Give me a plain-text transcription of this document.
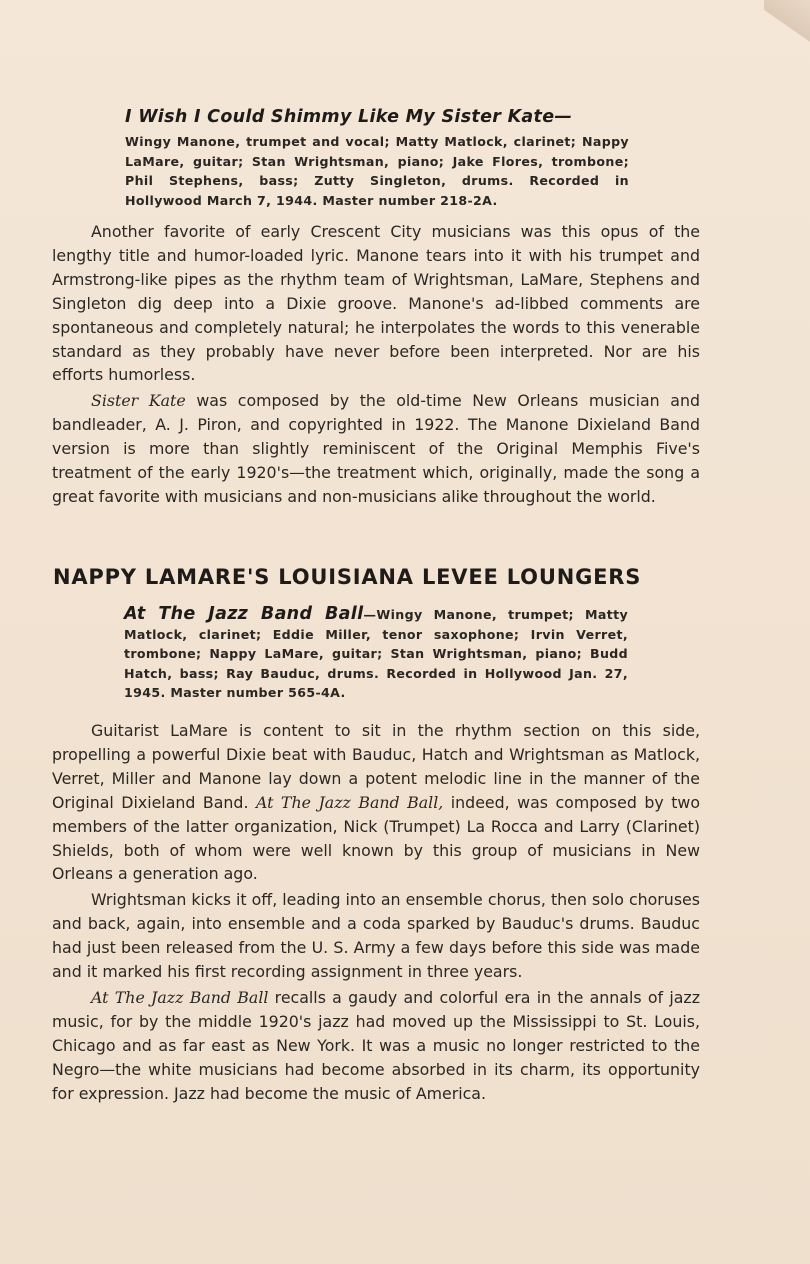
I Wish I Could Shimmy Like My Sister Kate—
Wingy Manone, trumpet and vocal; Matty Matlock, clarinet; Nappy LaMare, guitar; Stan Wrightsman, piano; Jake Flores, trombone; Phil Stephens, bass; Zutty Singleton, drums. Recorded in Hollywood March 7, 1944. Master number 218-2A.

Another favorite of early Crescent City musicians was this opus of the lengthy title and humor-loaded lyric. Manone tears into it with his trumpet and Armstrong-like pipes as the rhythm team of Wrightsman, LaMare, Stephens and Singleton dig deep into a Dixie groove. Manone's ad-libbed comments are spontaneous and completely natural; he interpolates the words to this venerable standard as they probably have never before been interpreted. Nor are his efforts humorless.

Sister Kate was composed by the old-time New Orleans musician and bandleader, A. J. Piron, and copyrighted in 1922. The Manone Dixieland Band version is more than slightly reminiscent of the Original Memphis Five's treatment of the early 1920's—the treatment which, originally, made the song a great favorite with musicians and non-musicians alike throughout the world.

NAPPY LAMARE'S LOUISIANA LEVEE LOUNGERS
At The Jazz Band Ball—Wingy Manone, trumpet; Matty Matlock, clarinet; Eddie Miller, tenor saxophone; Irvin Verret, trombone; Nappy LaMare, guitar; Stan Wrightsman, piano; Budd Hatch, bass; Ray Bauduc, drums. Recorded in Hollywood Jan. 27, 1945. Master number 565-4A.

Guitarist LaMare is content to sit in the rhythm section on this side, propelling a powerful Dixie beat with Bauduc, Hatch and Wrightsman as Matlock, Verret, Miller and Manone lay down a potent melodic line in the manner of the Original Dixieland Band. At The Jazz Band Ball, indeed, was composed by two members of the latter organization, Nick (Trumpet) La Rocca and Larry (Clarinet) Shields, both of whom were well known by this group of musicians in New Orleans a generation ago.

Wrightsman kicks it off, leading into an ensemble chorus, then solo choruses and back, again, into ensemble and a coda sparked by Bauduc's drums. Bauduc had just been released from the U. S. Army a few days before this side was made and it marked his first recording assignment in three years.

At The Jazz Band Ball recalls a gaudy and colorful era in the annals of jazz music, for by the middle 1920's jazz had moved up the Mississippi to St. Louis, Chicago and as far east as New York. It was a music no longer restricted to the Negro—the white musicians had become absorbed in its charm, its opportunity for expression. Jazz had become the music of America.
